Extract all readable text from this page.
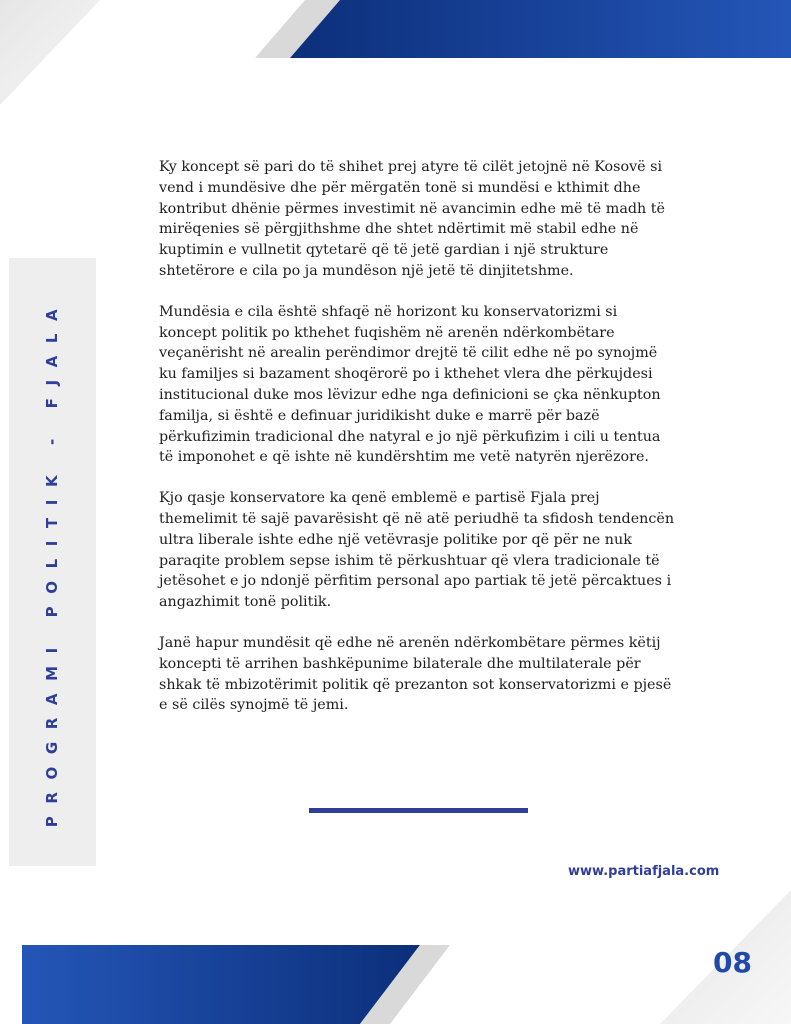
PROGRAMI POLITIK - FJALA

Ky koncept së pari do të shihet prej atyre të cilët jetojnë në Kosovë si vend i mundësive dhe për mërgatën tonë si mundësi e kthimit dhe kontribut dhënie përmes investimit në avancimin edhe më të madh të mirëqenies së përgjithshme dhe shtet ndërtimit më stabil edhe në kuptimin e vullnetit qytetarë që të jetë gardian i një strukture shtetërore e cila po ja mundëson një jetë të dinjitetshme.

Mundësia e cila është shfaqë në horizont ku konservatorizmi si koncept politik po kthehet fuqishëm në arenën ndërkombëtare veçanërisht në arealin perëndimor drejtë të cilit edhe në po synojmë ku familjes si bazament shoqërorë po i kthehet vlera dhe përkujdesi institucional duke mos lëvizur edhe nga definicioni se çka nënkupton familja, si është e definuar juridikisht duke e marrë për bazë përkufizimin tradicional dhe natyral e jo një përkufizim i cili u tentua të imponohet e që ishte në kundërshtim me vetë natyrën njerëzore.

Kjo qasje konservatore ka qenë emblemë e partisë Fjala prej themelimit të sajë pavarësisht që në atë periudhë ta sfidosh tendencën ultra liberale ishte edhe një vetëvrasje politike por që për ne nuk paraqite problem sepse ishim të përkushtuar që vlera tradicionale të jetësohet e jo ndonjë përfitim personal apo partiak të jetë përcaktues i angazhimit tonë politik.

Janë hapur mundësit që edhe në arenën ndërkombëtare përmes këtij koncepti të arrihen bashkëpunime bilaterale dhe multilaterale për shkak të mbizotërimit politik që prezanton sot konservatorizmi e pjesë e së cilës synojmë të jemi.

www.partiafjala.com
08
